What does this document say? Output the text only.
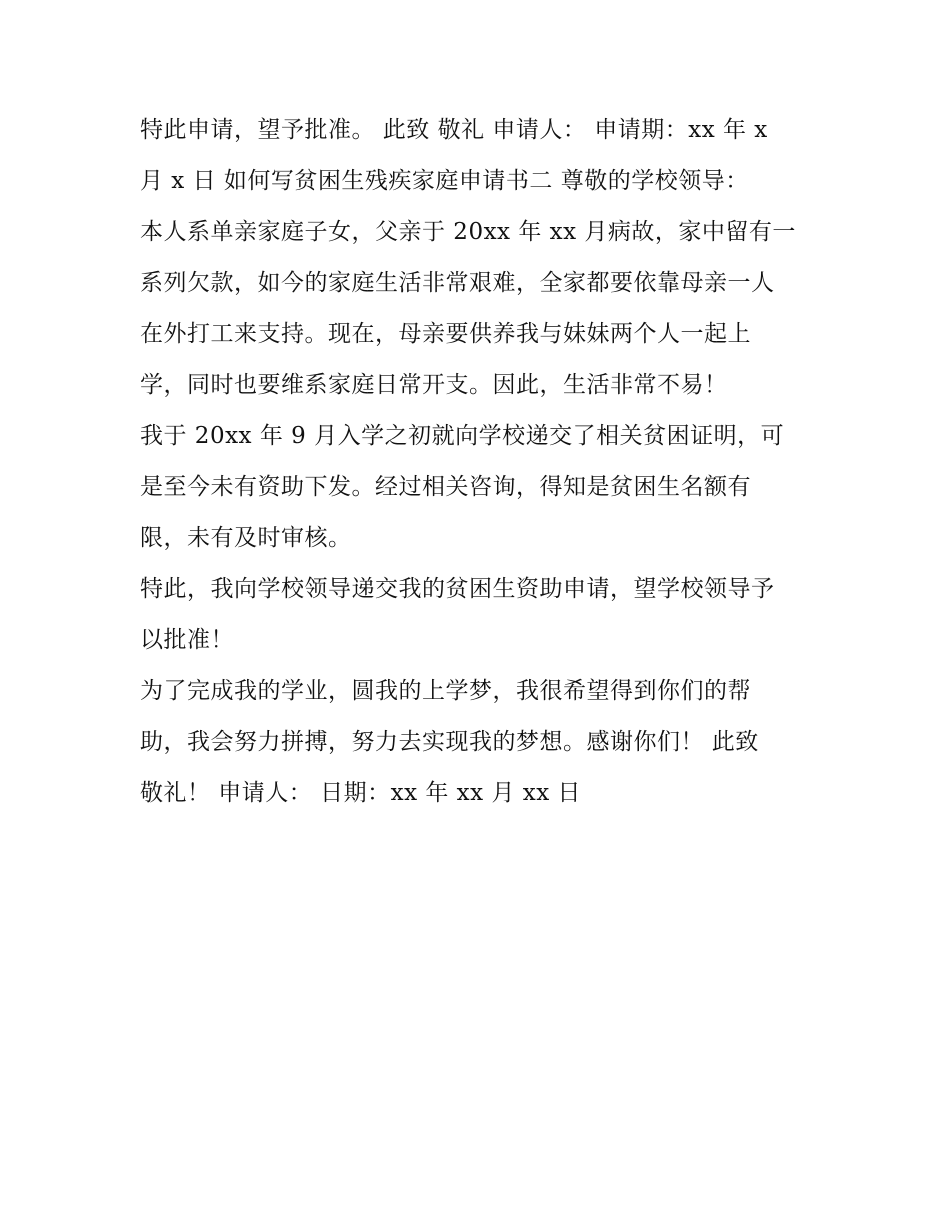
特此申请，望予批准。 此致 敬礼 申请人： 申请期：xx 年 x
月 x 日 如何写贫困生残疾家庭申请书二 尊敬的学校领导：
本人系单亲家庭子女，父亲于 20xx 年 xx 月病故，家中留有一
系列欠款，如今的家庭生活非常艰难，全家都要依靠母亲一人
在外打工来支持。现在，母亲要供养我与妹妹两个人一起上
学，同时也要维系家庭日常开支。因此，生活非常不易！
我于 20xx 年 9 月入学之初就向学校递交了相关贫困证明，可
是至今未有资助下发。经过相关咨询，得知是贫困生名额有
限，未有及时审核。
特此，我向学校领导递交我的贫困生资助申请，望学校领导予
以批准！
为了完成我的学业，圆我的上学梦，我很希望得到你们的帮
助，我会努力拼搏，努力去实现我的梦想。感谢你们！ 此致
敬礼！ 申请人： 日期：xx 年 xx 月 xx 日
